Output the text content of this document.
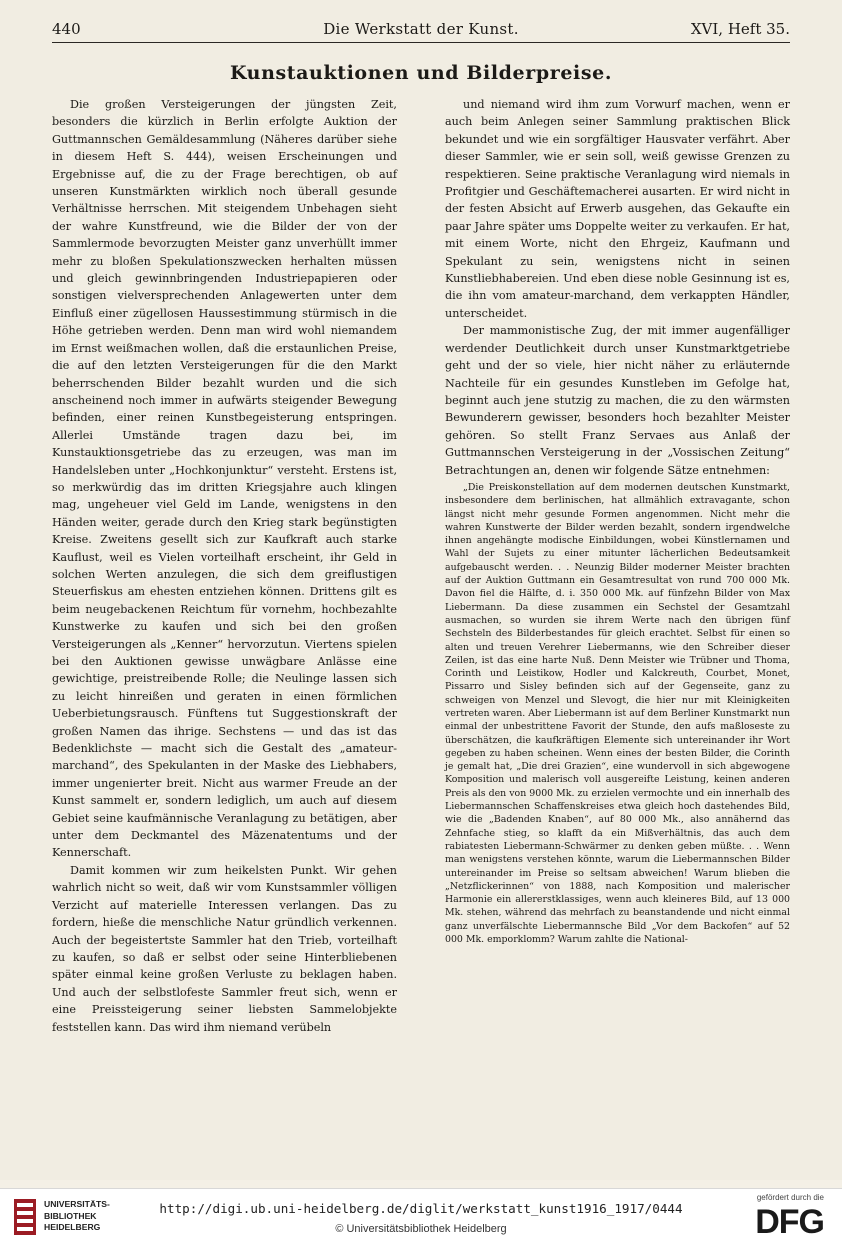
440	Die Werkstatt der Kunst.	XVI, Heft 35.
Kunstauktionen und Bilderpreise.

Die großen Versteigerungen der jüngsten Zeit, besonders die kürzlich in Berlin erfolgte Auktion der Guttmannschen Gemäldesammlung (Näheres darüber siehe in diesem Heft S. 444), weisen Erscheinungen und Ergebnisse auf, die zu der Frage berechtigen, ob auf unseren Kunstmärkten wirklich noch überall gesunde Verhältnisse herrschen. Mit steigendem Unbehagen sieht der wahre Kunstfreund, wie die Bilder der von der Sammlermode bevorzugten Meister ganz unverhüllt immer mehr zu bloßen Spekulationszwecken herhalten müssen und gleich gewinnbringenden Industriepapieren oder sonstigen vielversprechenden Anlagewerten unter dem Einfluß einer zügellosen Haussestimmung stürmisch in die Höhe getrieben werden. Denn man wird wohl niemandem im Ernst weißmachen wollen, daß die erstaunlichen Preise, die auf den letzten Versteigerungen für die den Markt beherrschenden Bilder bezahlt wurden und die sich anscheinend noch immer in aufwärts steigender Bewegung befinden, einer reinen Kunstbegeisterung entspringen. Allerlei Umstände tragen dazu bei, im Kunstauktionsgetriebe das zu erzeugen, was man im Handelsleben unter „Hochkonjunktur“ versteht. Erstens ist, so merkwürdig das im dritten Kriegsjahre auch klingen mag, ungeheuer viel Geld im Lande, wenigstens in den Händen weiter, gerade durch den Krieg stark begünstigten Kreise. Zweitens gesellt sich zur Kaufkraft auch starke Kauflust, weil es Vielen vorteilhaft erscheint, ihr Geld in solchen Werten anzulegen, die sich dem greiflustigen Steuerfiskus am ehesten entziehen können. Drittens gilt es beim neugebackenen Reichtum für vornehm, hochbezahlte Kunstwerke zu kaufen und sich bei den großen Versteigerungen als „Kenner“ hervorzutun. Viertens spielen bei den Auktionen gewisse unwägbare Anlässe eine gewichtige, preistreibende Rolle; die Neulinge lassen sich zu leicht hinreißen und geraten in einen förmlichen Ueberbietungsrausch. Fünftens tut Suggestionskraft der großen Namen das ihrige. Sechstens — und das ist das Bedenklichste — macht sich die Gestalt des „amateur-marchand“, des Spekulanten in der Maske des Liebhabers, immer ungenierter breit. Nicht aus warmer Freude an der Kunst sammelt er, sondern lediglich, um auch auf diesem Gebiet seine kaufmännische Veranlagung zu betätigen, aber unter dem Deckmantel des Mäzenatentums und der Kennerschaft.

Damit kommen wir zum heikelsten Punkt. Wir gehen wahrlich nicht so weit, daß wir vom Kunstsammler völligen Verzicht auf materielle Interessen verlangen. Das zu fordern, hieße die menschliche Natur gründlich verkennen. Auch der begeistertste Sammler hat den Trieb, vorteilhaft zu kaufen, so daß er selbst oder seine Hinterbliebenen später einmal keine großen Verluste zu beklagen haben. Und auch der selbstlofeste Sammler freut sich, wenn er eine Preissteigerung seiner liebsten Sammelobjekte feststellen kann. Das wird ihm niemand verübeln

und niemand wird ihm zum Vorwurf machen, wenn er auch beim Anlegen seiner Sammlung praktischen Blick bekundet und wie ein sorgfältiger Hausvater verfährt. Aber dieser Sammler, wie er sein soll, weiß gewisse Grenzen zu respektieren. Seine praktische Veranlagung wird niemals in Profitgier und Geschäftemacherei ausarten. Er wird nicht in der festen Absicht auf Erwerb ausgehen, das Gekaufte ein paar Jahre später ums Doppelte weiter zu verkaufen. Er hat, mit einem Worte, nicht den Ehrgeiz, Kaufmann und Spekulant zu sein, wenigstens nicht in seinen Kunstliebhabereien. Und eben diese noble Gesinnung ist es, die ihn vom amateur-marchand, dem verkappten Händler, unterscheidet.

Der mammonistische Zug, der mit immer augenfälliger werdender Deutlichkeit durch unser Kunstmarktgetriebe geht und der so viele, hier nicht näher zu erläuternde Nachteile für ein gesundes Kunstleben im Gefolge hat, beginnt auch jene stutzig zu machen, die zu den wärmsten Bewunderern gewisser, besonders hoch bezahlter Meister gehören. So stellt Franz Servaes aus Anlaß der Guttmannschen Versteigerung in der „Vossischen Zeitung“ Betrachtungen an, denen wir folgende Sätze entnehmen:

„Die Preiskonstellation auf dem modernen deutschen Kunstmarkt, insbesondere dem berlinischen, hat allmählich extravagante, schon längst nicht mehr gesunde Formen angenommen. Nicht mehr die wahren Kunstwerte der Bilder werden bezahlt, sondern irgendwelche ihnen angehängte modische Einbildungen, wobei Künstlernamen und Wahl der Sujets zu einer mitunter lächerlichen Bedeutsamkeit aufgebauscht werden. . . Neunzig Bilder moderner Meister brachten auf der Auktion Guttmann ein Gesamtresultat von rund 700 000 Mk. Davon fiel die Hälfte, d. i. 350 000 Mk. auf fünfzehn Bilder von Max Liebermann. Da diese zusammen ein Sechstel der Gesamtzahl ausmachen, so wurden sie ihrem Werte nach den übrigen fünf Sechsteln des Bilderbestandes für gleich erachtet. Selbst für einen so alten und treuen Verehrer Liebermanns, wie den Schreiber dieser Zeilen, ist das eine harte Nuß. Denn Meister wie Trübner und Thoma, Corinth und Leistikow, Hodler und Kalckreuth, Courbet, Monet, Pissarro und Sisley befinden sich auf der Gegenseite, ganz zu schweigen von Menzel und Slevogt, die hier nur mit Kleinigkeiten vertreten waren. Aber Liebermann ist auf dem Berliner Kunstmarkt nun einmal der unbestrittene Favorit der Stunde, den aufs maßloseste zu überschätzen, die kaufkräftigen Elemente sich untereinander ihr Wort gegeben zu haben scheinen. Wenn eines der besten Bilder, die Corinth je gemalt hat, „Die drei Grazien“, eine wundervoll in sich abgewogene Komposition und malerisch voll ausgereifte Leistung, keinen anderen Preis als den von 9000 Mk. zu erzielen vermochte und ein innerhalb des Liebermannschen Schaffenskreises etwa gleich hoch dastehendes Bild, wie die „Badenden Knaben“, auf 80 000 Mk., also annähernd das Zehnfache stieg, so klafft da ein Mißverhältnis, das auch dem rabiatesten Liebermann-Schwärmer zu denken geben müßte. . . Wenn man wenigstens verstehen könnte, warum die Liebermannschen Bilder untereinander im Preise so seltsam abweichen! Warum blieben die „Netzflickerinnen“ von 1888, nach Komposition und malerischer Harmonie ein allererstklassiges, wenn auch kleineres Bild, auf 13 000 Mk. stehen, während das mehrfach zu beanstandende und nicht einmal ganz unverfälschte Liebermannsche Bild „Vor dem Backofen“ auf 52 000 Mk. emporklomm? Warum zahlte die National-

UNIVERSITÄTS-
BIBLIOTHEK
HEIDELBERG
http://digi.ub.uni-heidelberg.de/diglit/werkstatt_kunst1916_1917/0444
© Universitätsbibliothek Heidelberg
gefördert durch die
DFG
